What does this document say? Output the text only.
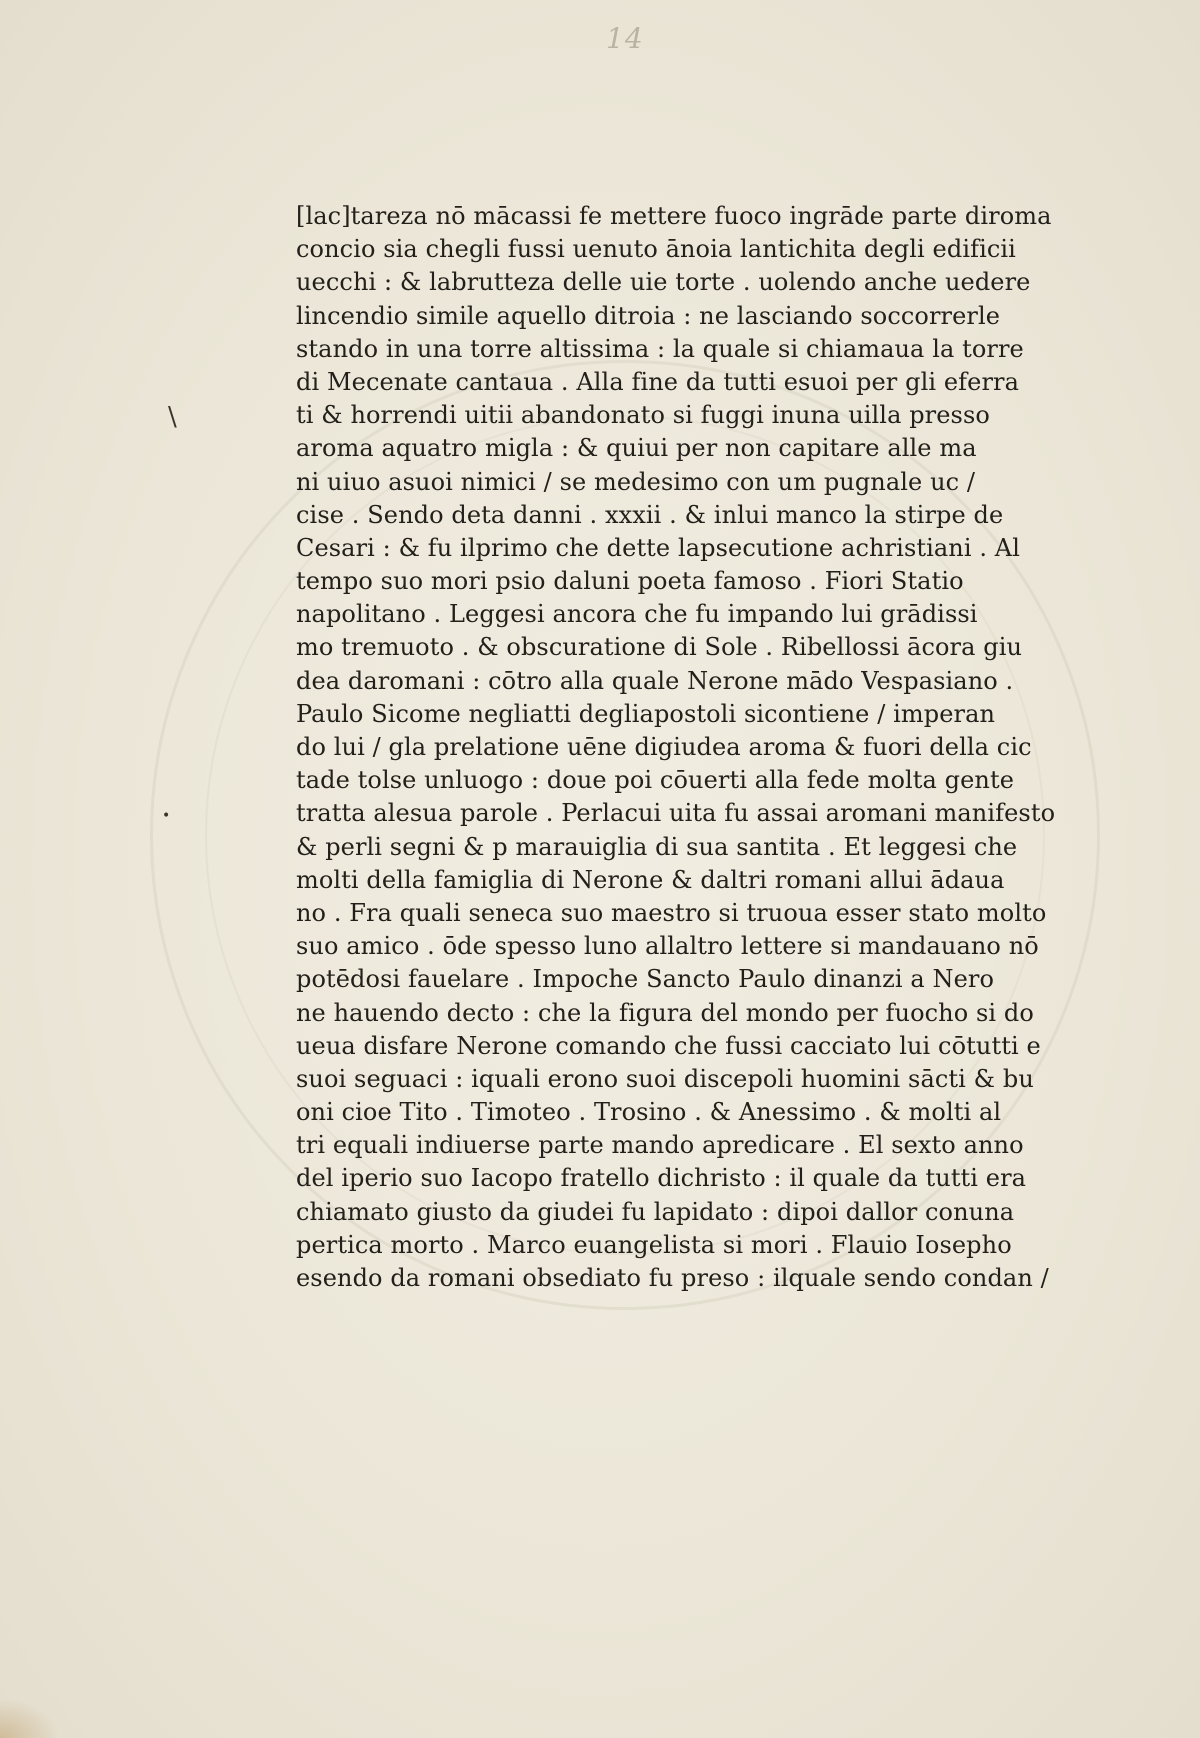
14
\
•
[lac]tareza nō mācassi fe mettere fuoco ingrāde parte diroma
concio sia chegli fussi uenuto ānoia lantichita degli edificii
uecchi : & labrutteza delle uie torte . uolendo anche uedere
lincendio simile aquello ditroia : ne lasciando soccorrerle
stando in una torre altissima : la quale si chiamaua la torre
di Mecenate cantaua . Alla fine da tutti esuoi per gli eferra
ti & horrendi uitii abandonato si fuggi inuna uilla presso
aroma aquatro migla : & quiui per non capitare alle ma
ni uiuo asuoi nimici / se medesimo con um pugnale uc /
cise . Sendo deta danni . xxxii . & inlui manco la stirpe de
Cesari : & fu ilprimo che dette lapsecutione achristiani . Al
tempo suo mori psio daluni poeta famoso . Fiori Statio
napolitano . Leggesi ancora che fu impando lui grādissi
mo tremuoto . & obscuratione di Sole . Ribellossi ācora giu
dea daromani : cōtro alla quale Nerone mādo Vespasiano .
Paulo Sicome negliatti degliapostoli sicontiene / imperan
do lui / gla prelatione uēne digiudea aroma & fuori della cic
tade tolse unluogo : doue poi cōuerti alla fede molta gente
tratta alesua parole . Perlacui uita fu assai aromani manifesto
& perli segni & p marauiglia di sua santita . Et leggesi che
molti della famiglia di Nerone & daltri romani allui ādaua
no . Fra quali seneca suo maestro si truoua esser stato molto
suo amico . ōde spesso luno allaltro lettere si mandauano nō
potēdosi fauelare . Impoche Sancto Paulo dinanzi a Nero
ne hauendo decto : che la figura del mondo per fuocho si do
ueua disfare Nerone comando che fussi cacciato lui cōtutti e
suoi seguaci : iquali erono suoi discepoli huomini sācti & bu
oni cioe Tito . Timoteo . Trosino . & Anessimo . & molti al
tri equali indiuerse parte mando apredicare . El sexto anno
del iperio suo Iacopo fratello dichristo : il quale da tutti era
chiamato giusto da giudei fu lapidato : dipoi dallor conuna
pertica morto . Marco euangelista si mori . Flauio Iosepho
esendo da romani obsediato fu preso : ilquale sendo condan /
